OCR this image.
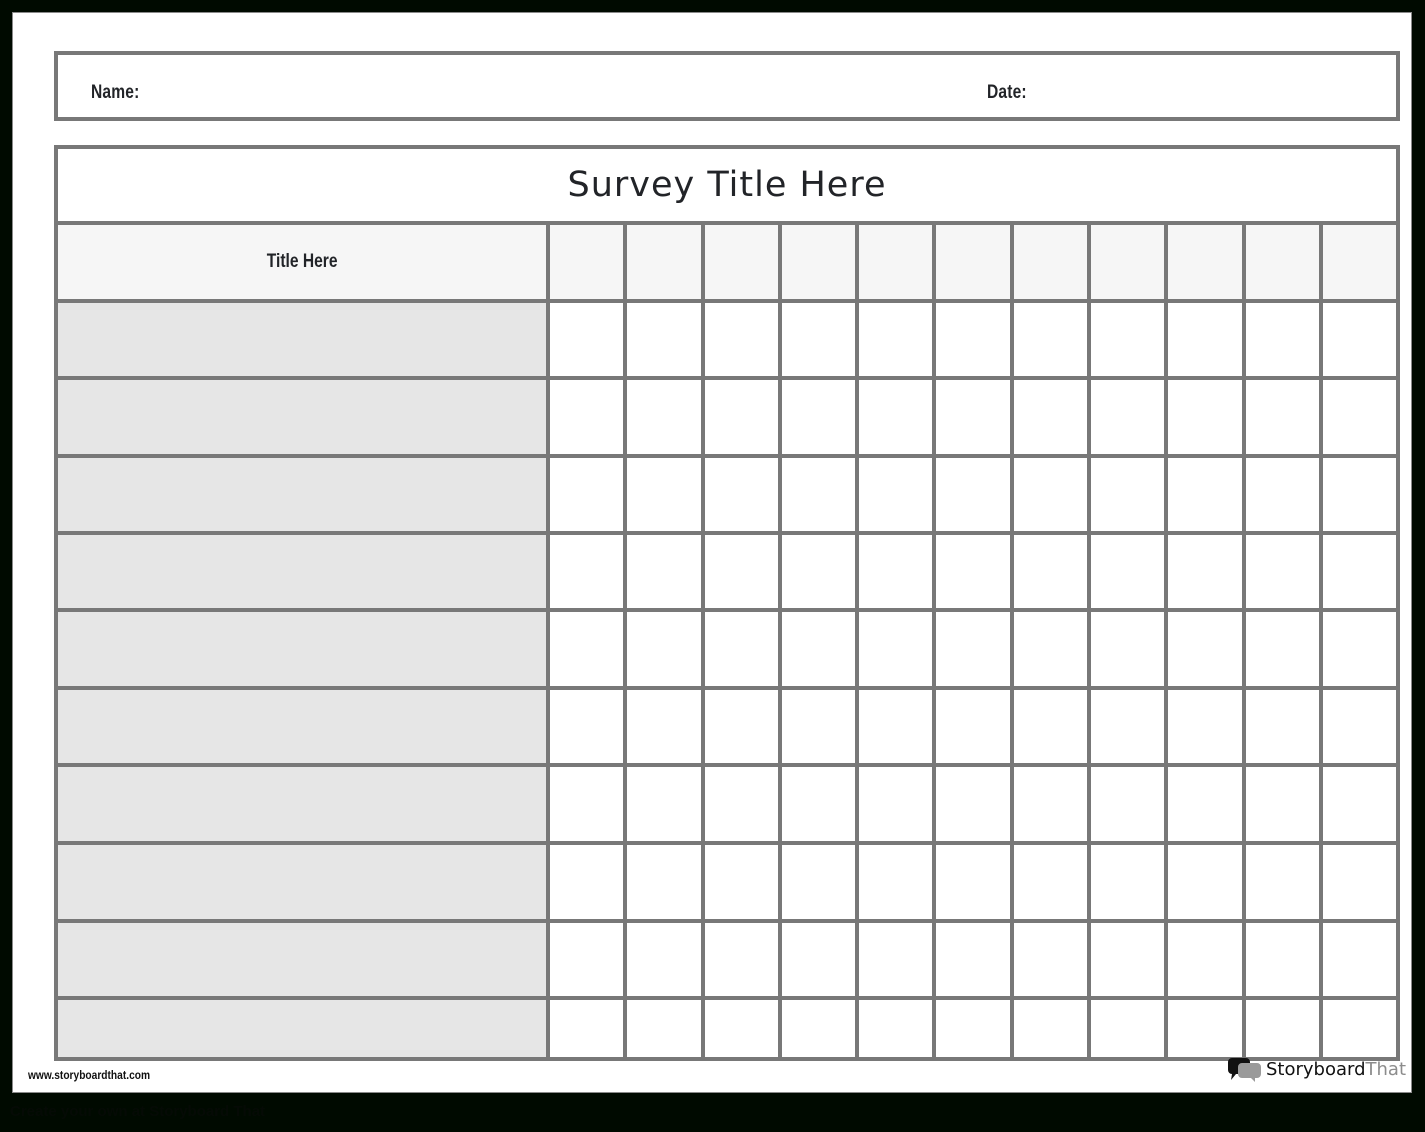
Name:	Date:
Survey Title Here
Title Here
www.storyboardthat.com	StoryboardThat
Create your own at Storyboard That
